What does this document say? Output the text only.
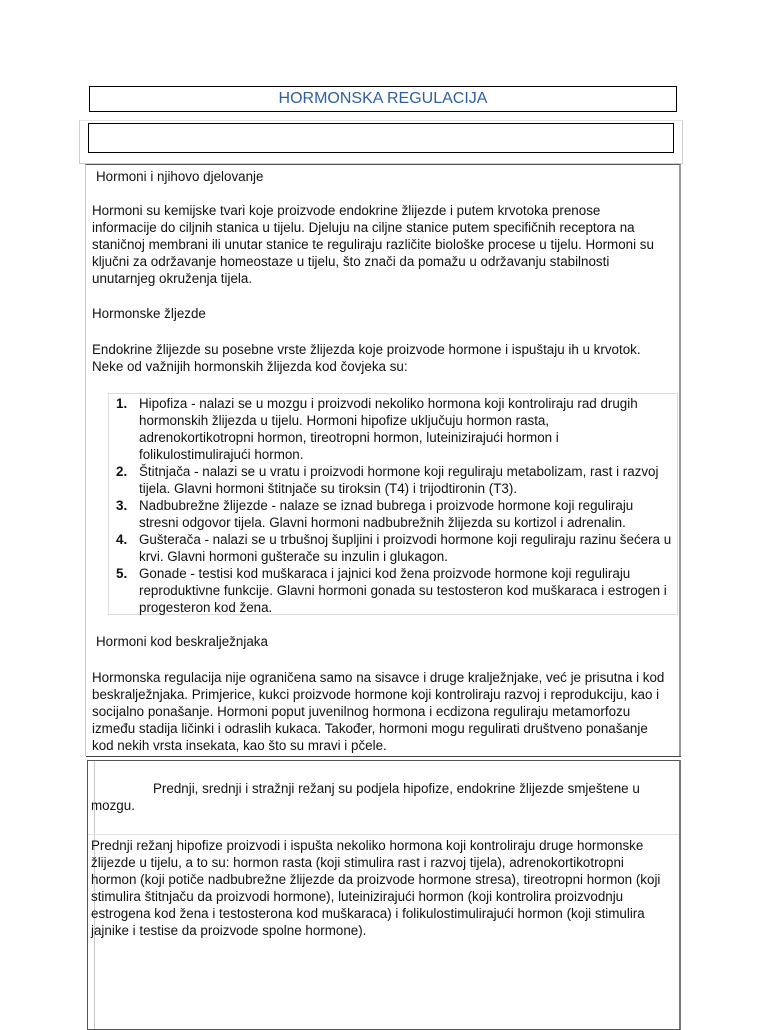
HORMONSKA REGULACIJA
Hormoni i njihovo djelovanje
Hormoni su kemijske tvari koje proizvode endokrine žlijezde i putem krvotoka prenose
informacije do ciljnih stanica u tijelu. Djeluju na ciljne stanice putem specifičnih receptora na
staničnoj membrani ili unutar stanice te reguliraju različite biološke procese u tijelu. Hormoni su
ključni za održavanje homeostaze u tijelu, što znači da pomažu u održavanju stabilnosti
unutarnjeg okruženja tijela.
Hormonske žljezde
Endokrine žlijezde su posebne vrste žlijezda koje proizvode hormone i ispuštaju ih u krvotok.
Neke od važnijih hormonskih žlijezda kod čovjeka su:
1. Hipofiza - nalazi se u mozgu i proizvodi nekoliko hormona koji kontroliraju rad drugih
hormonskih žlijezda u tijelu. Hormoni hipofize uključuju hormon rasta,
adrenokortikotropni hormon, tireotropni hormon, luteinizirajući hormon i
folikulostimulirajući hormon.
2. Štitnjača - nalazi se u vratu i proizvodi hormone koji reguliraju metabolizam, rast i razvoj
tijela. Glavni hormoni štitnjače su tiroksin (T4) i trijodtironin (T3).
3. Nadbubrežne žlijezde - nalaze se iznad bubrega i proizvode hormone koji reguliraju
stresni odgovor tijela. Glavni hormoni nadbubrežnih žlijezda su kortizol i adrenalin.
4. Gušterača - nalazi se u trbušnoj šupljini i proizvodi hormone koji reguliraju razinu šećera u
krvi. Glavni hormoni gušterače su inzulin i glukagon.
5. Gonade - testisi kod muškaraca i jajnici kod žena proizvode hormone koji reguliraju
reproduktivne funkcije. Glavni hormoni gonada su testosteron kod muškaraca i estrogen i
progesteron kod žena.
Hormoni kod beskralježnjaka
Hormonska regulacija nije ograničena samo na sisavce i druge kralježnjake, već je prisutna i kod
beskralježnjaka. Primjerice, kukci proizvode hormone koji kontroliraju razvoj i reprodukciju, kao i
socijalno ponašanje. Hormoni poput juvenilnog hormona i ecdizona reguliraju metamorfozu
između stadija ličinki i odraslih kukaca. Također, hormoni mogu regulirati društveno ponašanje
kod nekih vrsta insekata, kao što su mravi i pčele.
Prednji, srednji i stražnji režanj su podjela hipofize, endokrine žlijezde smještene u
mozgu.
Prednji režanj hipofize proizvodi i ispušta nekoliko hormona koji kontroliraju druge hormonske
žlijezde u tijelu, a to su: hormon rasta (koji stimulira rast i razvoj tijela), adrenokortikotropni
hormon (koji potiče nadbubrežne žlijezde da proizvode hormone stresa), tireotropni hormon (koji
stimulira štitnjaču da proizvodi hormone), luteinizirajući hormon (koji kontrolira proizvodnju
estrogena kod žena i testosterona kod muškaraca) i folikulostimulirajući hormon (koji stimulira
jajnike i testise da proizvode spolne hormone).
